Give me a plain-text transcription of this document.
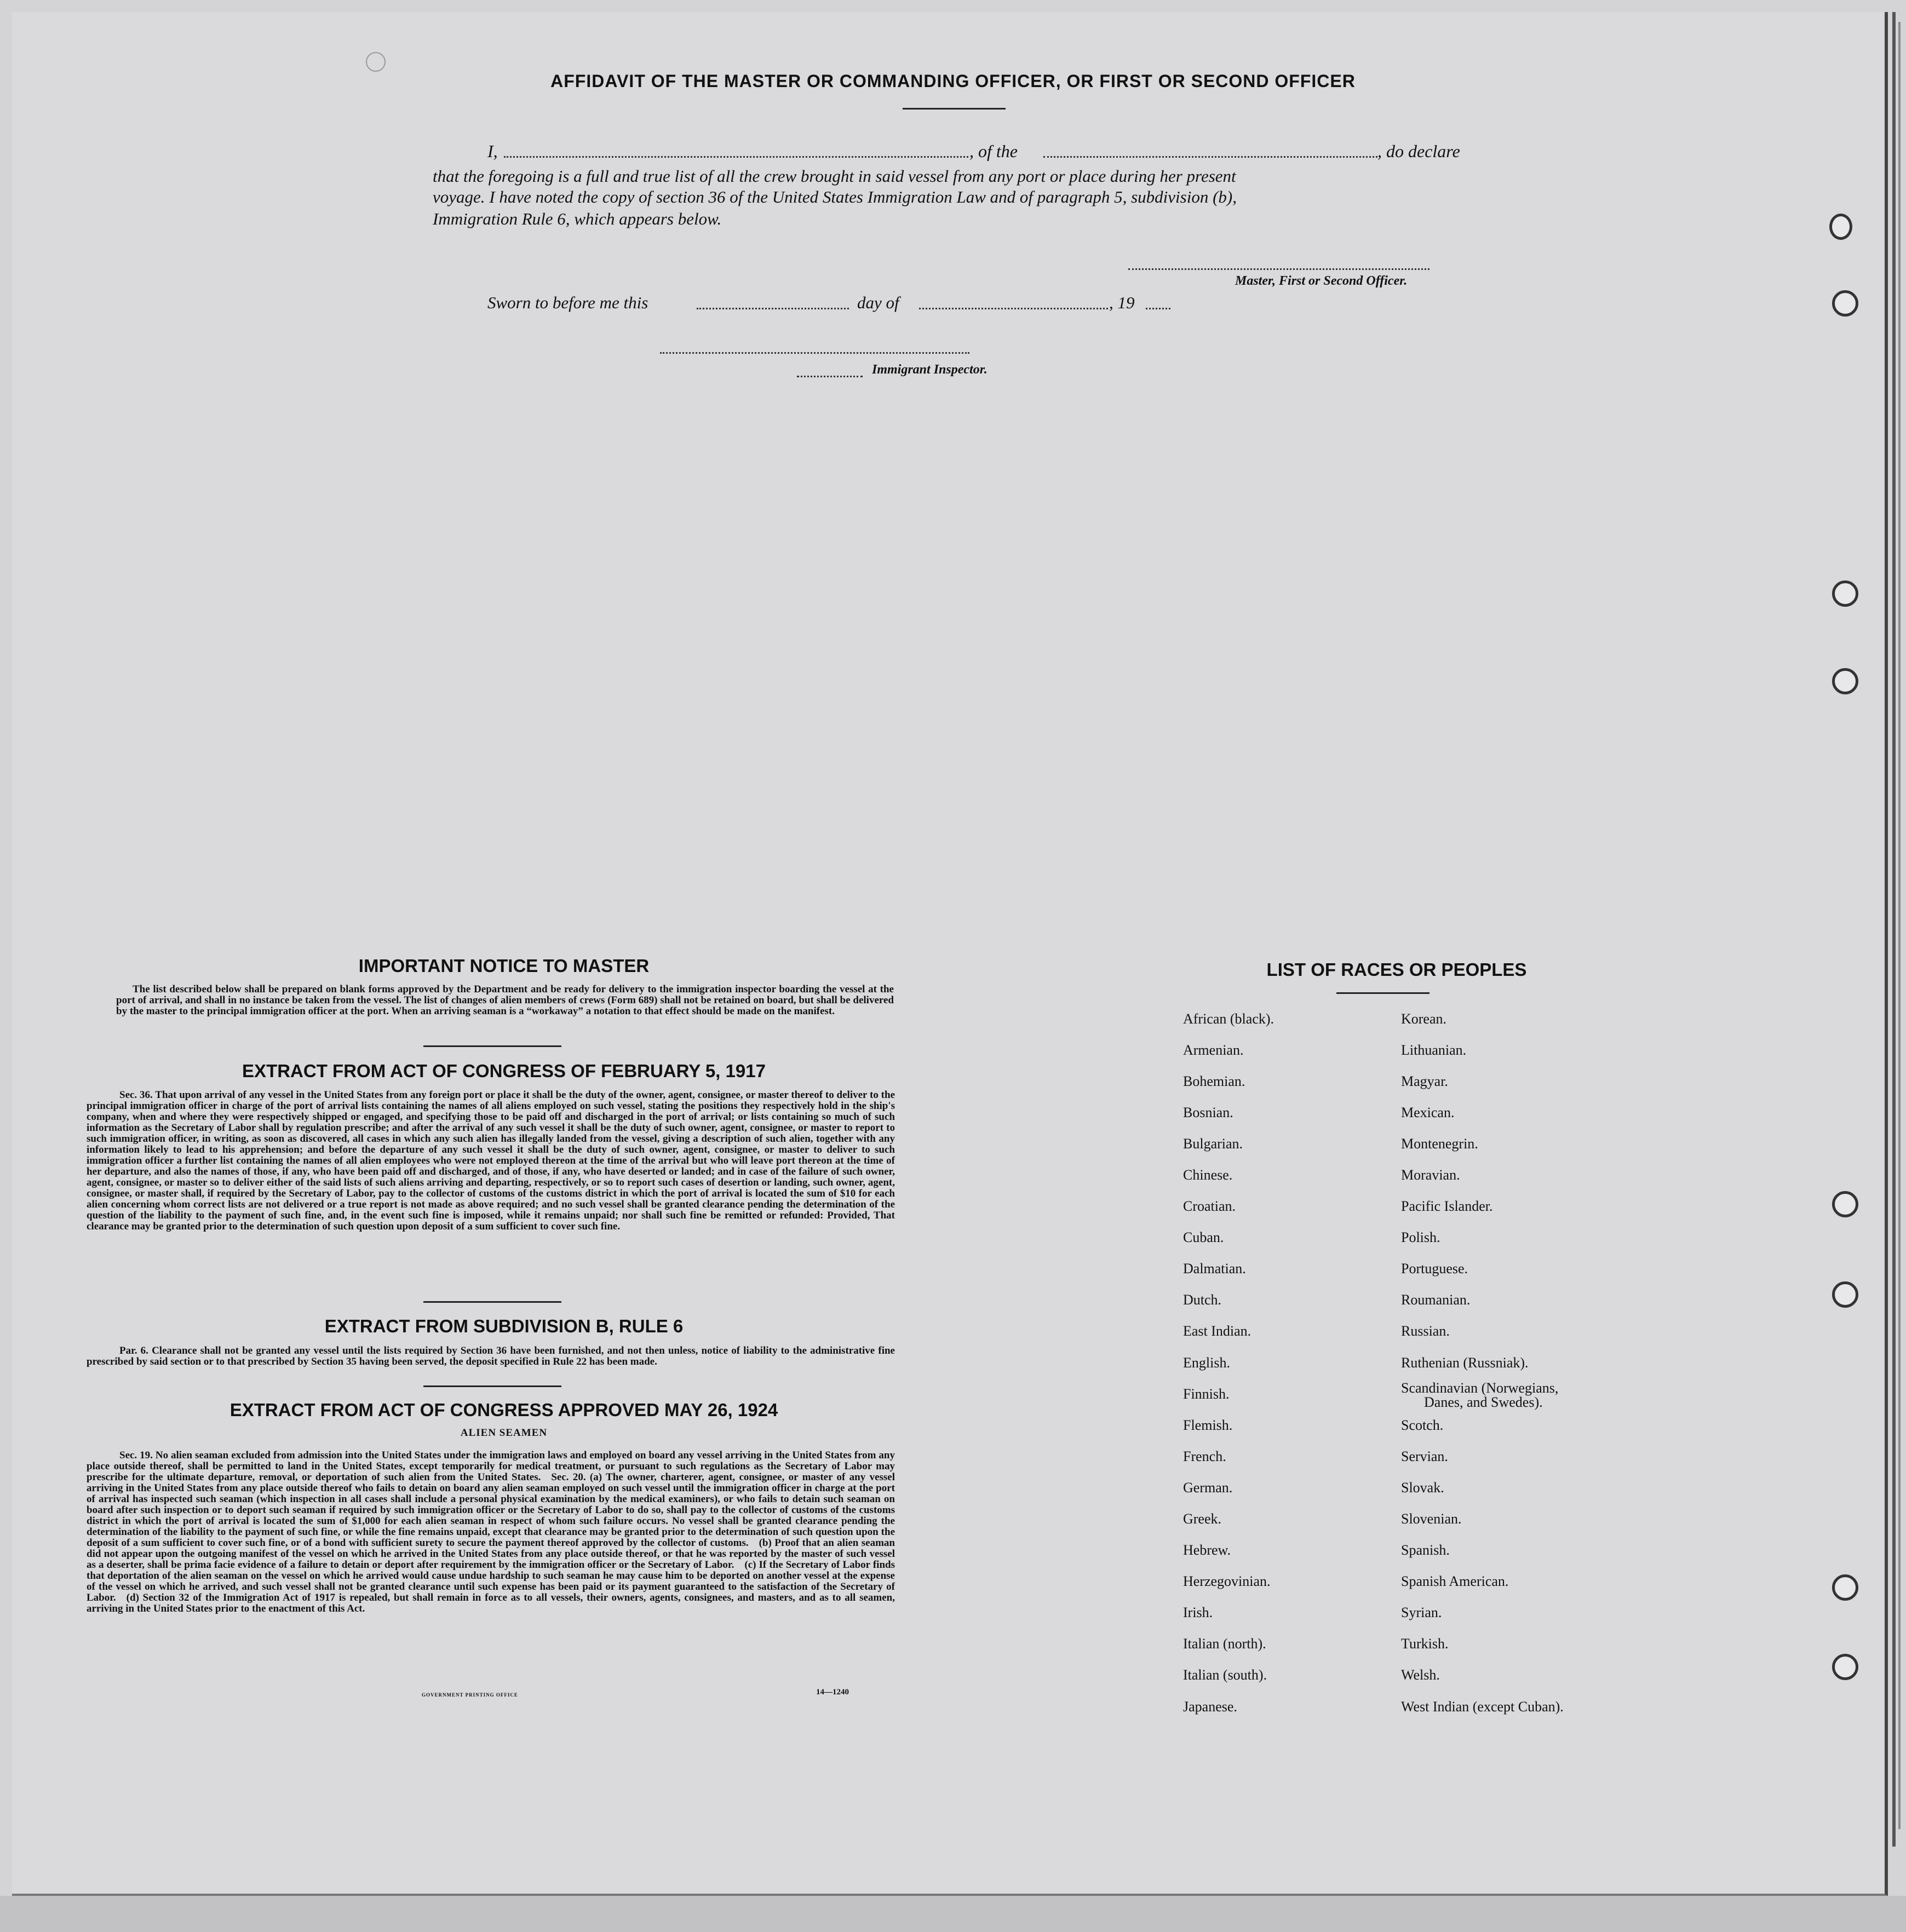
AFFIDAVIT OF THE MASTER OR COMMANDING OFFICER, OR FIRST OR SECOND OFFICER
I,	, of the	, do declare
that the foregoing is a full and true list of all the crew brought in said vessel from any port or place during her present
voyage. I have noted the copy of section 36 of the United States Immigration Law and of paragraph 5, subdivision (b),
Immigration Rule 6, which appears below.
Master, First or Second Officer.
Sworn to before me this	day of	, 19
Immigrant Inspector.
IMPORTANT NOTICE TO MASTER
The list described below shall be prepared on blank forms approved by the Department and be ready for delivery to the immigration inspector boarding the vessel at the port of arrival, and shall in no instance be taken from the vessel. The list of changes of alien members of crews (Form 689) shall not be retained on board, but shall be delivered by the master to the principal immigration officer at the port. When an arriving seaman is a “workaway” a notation to that effect should be made on the manifest.
EXTRACT FROM ACT OF CONGRESS OF FEBRUARY 5, 1917
Sec. 36. That upon arrival of any vessel in the United States from any foreign port or place it shall be the duty of the owner, agent, consignee, or master thereof to deliver to the principal immigration officer in charge of the port of arrival lists containing the names of all aliens employed on such vessel, stating the positions they respectively hold in the ship's company, when and where they were respectively shipped or engaged, and specifying those to be paid off and discharged in the port of arrival; or lists containing so much of such information as the Secretary of Labor shall by regulation prescribe; and after the arrival of any such vessel it shall be the duty of such owner, agent, consignee, or master to report to such immigration officer, in writing, as soon as discovered, all cases in which any such alien has illegally landed from the vessel, giving a description of such alien, together with any information likely to lead to his apprehension; and before the departure of any such vessel it shall be the duty of such owner, agent, consignee, or master to deliver to such immigration officer a further list containing the names of all alien employees who were not employed thereon at the time of the arrival but who will leave port thereon at the time of her departure, and also the names of those, if any, who have been paid off and discharged, and of those, if any, who have deserted or landed; and in case of the failure of such owner, agent, consignee, or master so to deliver either of the said lists of such aliens arriving and departing, respectively, or so to report such cases of desertion or landing, such owner, agent, consignee, or master shall, if required by the Secretary of Labor, pay to the collector of customs of the customs district in which the port of arrival is located the sum of $10 for each alien concerning whom correct lists are not delivered or a true report is not made as above required; and no such vessel shall be granted clearance pending the determination of the question of the liability to the payment of such fine, and, in the event such fine is imposed, while it remains unpaid; nor shall such fine be remitted or refunded: Provided, That clearance may be granted prior to the determination of such question upon deposit of a sum sufficient to cover such fine.
EXTRACT FROM SUBDIVISION B, RULE 6
Par. 6. Clearance shall not be granted any vessel until the lists required by Section 36 have been furnished, and not then unless, notice of liability to the administrative fine prescribed by said section or to that prescribed by Section 35 having been served, the deposit specified in Rule 22 has been made.
EXTRACT FROM ACT OF CONGRESS APPROVED MAY 26, 1924
ALIEN SEAMEN
Sec. 19. No alien seaman excluded from admission into the United States under the immigration laws and employed on board any vessel arriving in the United States from any place outside thereof, shall be permitted to land in the United States, except temporarily for medical treatment, or pursuant to such regulations as the Secretary of Labor may prescribe for the ultimate departure, removal, or deportation of such alien from the United States. Sec. 20. (a) The owner, charterer, agent, consignee, or master of any vessel arriving in the United States from any place outside thereof who fails to detain on board any alien seaman employed on such vessel until the immigration officer in charge at the port of arrival has inspected such seaman (which inspection in all cases shall include a personal physical examination by the medical examiners), or who fails to detain such seaman on board after such inspection or to deport such seaman if required by such immigration officer or the Secretary of Labor to do so, shall pay to the collector of customs of the customs district in which the port of arrival is located the sum of $1,000 for each alien seaman in respect of whom such failure occurs. No vessel shall be granted clearance pending the determination of the liability to the payment of such fine, or while the fine remains unpaid, except that clearance may be granted prior to the determination of such question upon the deposit of a sum sufficient to cover such fine, or of a bond with sufficient surety to secure the payment thereof approved by the collector of customs. (b) Proof that an alien seaman did not appear upon the outgoing manifest of the vessel on which he arrived in the United States from any place outside thereof, or that he was reported by the master of such vessel as a deserter, shall be prima facie evidence of a failure to detain or deport after requirement by the immigration officer or the Secretary of Labor. (c) If the Secretary of Labor finds that deportation of the alien seaman on the vessel on which he arrived would cause undue hardship to such seaman he may cause him to be deported on another vessel at the expense of the vessel on which he arrived, and such vessel shall not be granted clearance until such expense has been paid or its payment guaranteed to the satisfaction of the Secretary of Labor. (d) Section 32 of the Immigration Act of 1917 is repealed, but shall remain in force as to all vessels, their owners, agents, consignees, and masters, and as to all seamen, arriving in the United States prior to the enactment of this Act.
GOVERNMENT PRINTING OFFICE	14—1240
LIST OF RACES OR PEOPLES
African (black).
Armenian.
Bohemian.
Bosnian.
Bulgarian.
Chinese.
Croatian.
Cuban.
Dalmatian.
Dutch.
East Indian.
English.
Finnish.
Flemish.
French.
German.
Greek.
Hebrew.
Herzegovinian.
Irish.
Italian (north).
Italian (south).
Japanese.
Korean.
Lithuanian.
Magyar.
Mexican.
Montenegrin.
Moravian.
Pacific Islander.
Polish.
Portuguese.
Roumanian.
Russian.
Ruthenian (Russniak).
Scandinavian (Norwegians,
Danes, and Swedes).
Scotch.
Servian.
Slovak.
Slovenian.
Spanish.
Spanish American.
Syrian.
Turkish.
Welsh.
West Indian (except Cuban).
